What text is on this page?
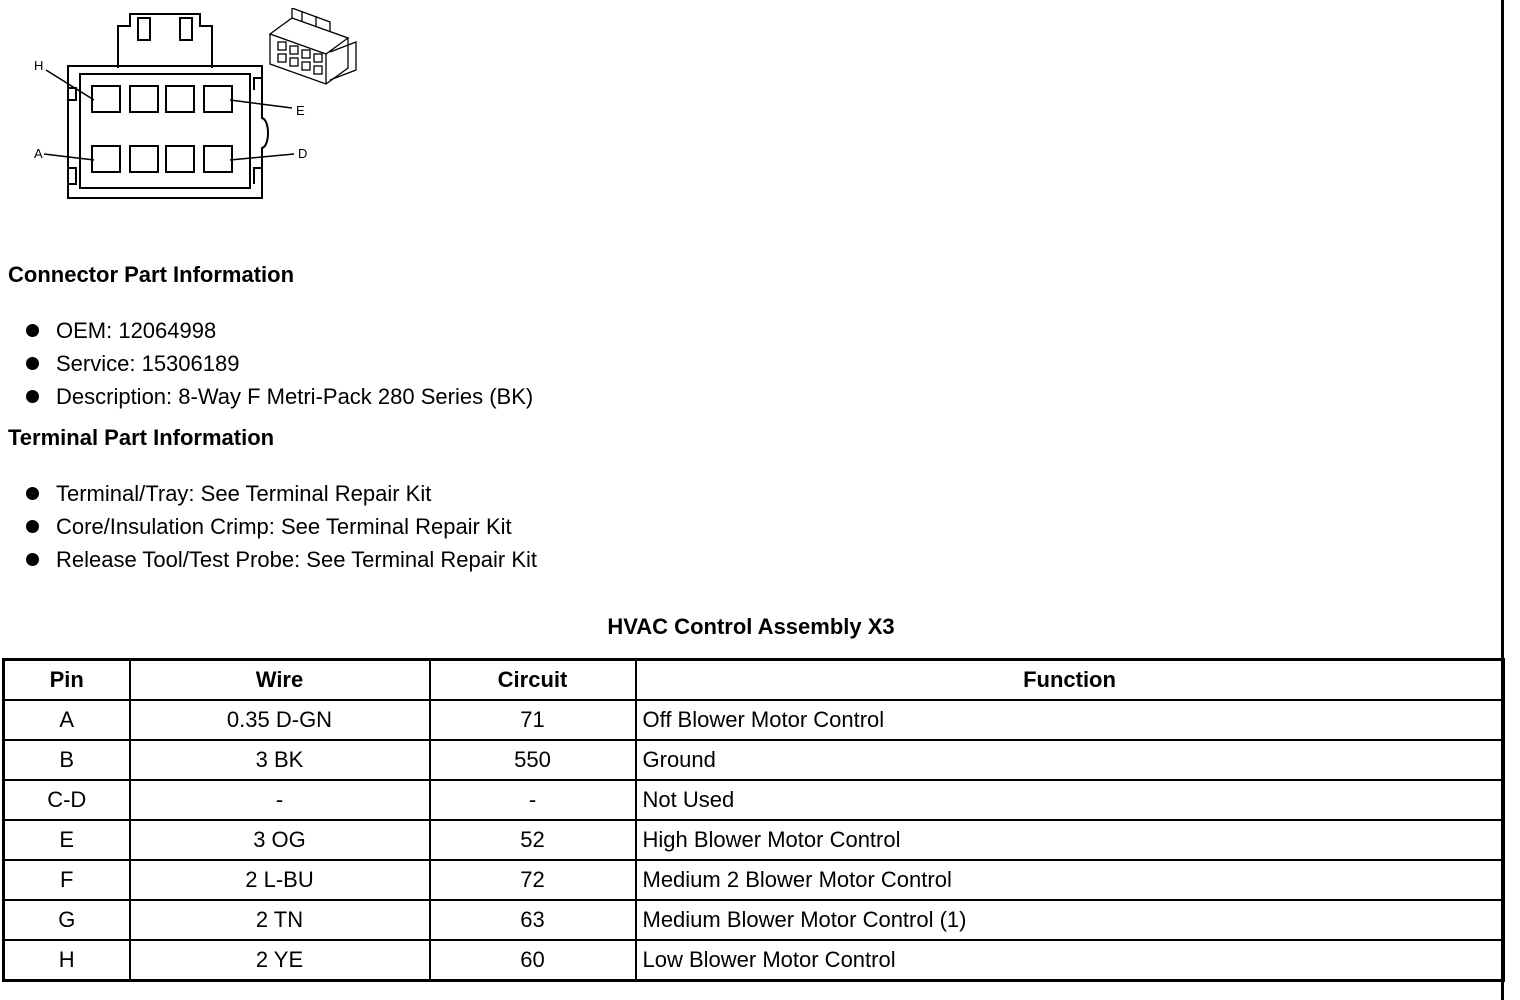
H
E
A	D
Connector Part Information
OEM: 12064998
Service: 15306189
Description: 8-Way F Metri-Pack 280 Series (BK)
Terminal Part Information
Terminal/Tray: See Terminal Repair Kit
Core/Insulation Crimp: See Terminal Repair Kit
Release Tool/Test Probe: See Terminal Repair Kit
HVAC Control Assembly X3
Pin	Wire	Circuit	Function
A	0.35 D-GN	71	Off Blower Motor Control
B	3 BK	550	Ground
C-D	-	-	Not Used
E	3 OG	52	High Blower Motor Control
F	2 L-BU	72	Medium 2 Blower Motor Control
G	2 TN	63	Medium Blower Motor Control (1)
H	2 YE	60	Low Blower Motor Control
